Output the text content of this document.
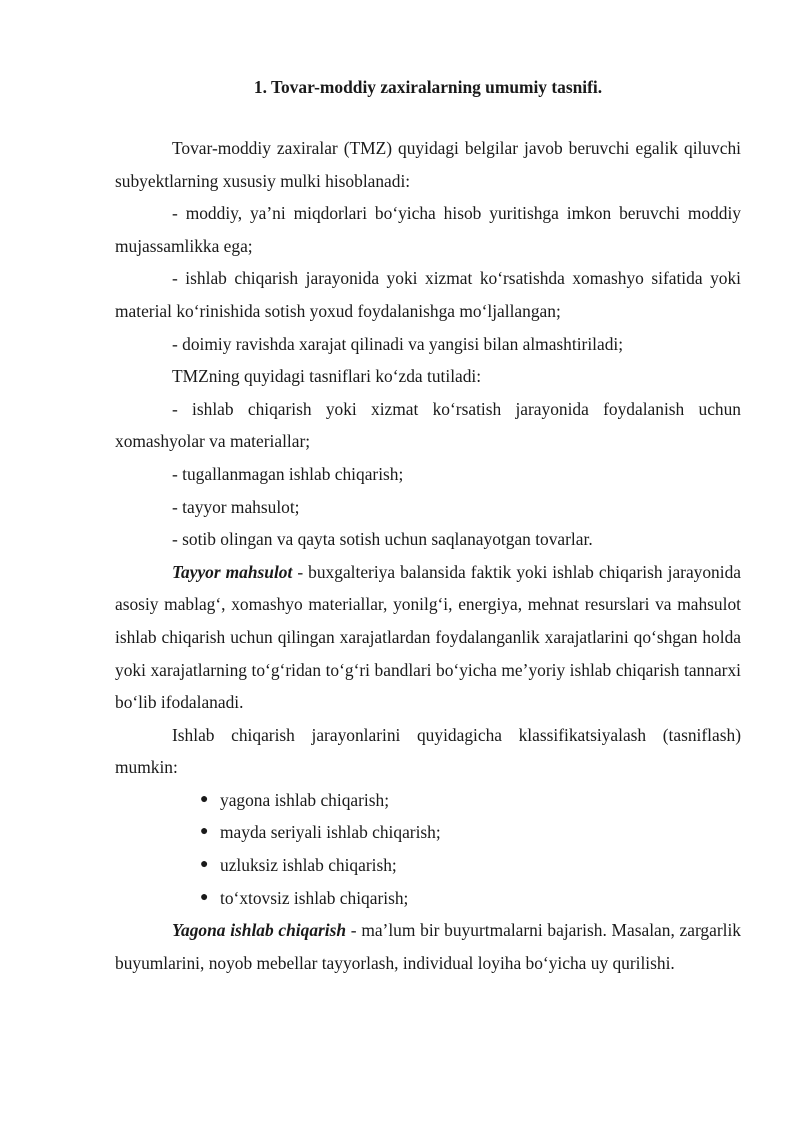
1. Tovar-moddiy zaxiralarning umumiy tasnifi.

Tovar-moddiy zaxiralar (TMZ) quyidagi belgilar javob beruvchi egalik qiluvchi subyektlarning xususiy mulki hisoblanadi:

- moddiy, ya’ni miqdorlari bo‘yicha hisob yuritishga imkon beruvchi moddiy mujassamlikka ega;

- ishlab chiqarish jarayonida yoki xizmat ko‘rsatishda xomashyo sifatida yoki material ko‘rinishida sotish yoxud foydalanishga mo‘ljallangan;

- doimiy ravishda xarajat qilinadi va yangisi bilan almashtiriladi;

TMZning quyidagi tasniflari ko‘zda tutiladi:

- ishlab chiqarish yoki xizmat ko‘rsatish jarayonida foydalanish uchun xomashyolar va materiallar;

- tugallanmagan ishlab chiqarish;

- tayyor mahsulot;

- sotib olingan va qayta sotish uchun saqlanayotgan tovarlar.

Tayyor mahsulot - buxgalteriya balansida faktik yoki ishlab chiqarish jarayonida asosiy mablag‘, xomashyo materiallar, yonilg‘i, energiya, mehnat resurslari va mahsulot ishlab chiqarish uchun qilingan xarajatlardan foydalanganlik xarajatlarini qo‘shgan holda yoki xarajatlarning to‘g‘ridan to‘g‘ri bandlari bo‘yicha me’yoriy ishlab chiqarish tannarxi bo‘lib ifodalanadi.

Ishlab chiqarish jarayonlarini quyidagicha klassifikatsiyalash (tasniflash) mumkin:

● yagona ishlab chiqarish;
● mayda seriyali ishlab chiqarish;
● uzluksiz ishlab chiqarish;
● to‘xtovsiz ishlab chiqarish;

Yagona ishlab chiqarish - ma’lum bir buyurtmalarni bajarish. Masalan, zargarlik buyumlarini, noyob mebellar tayyorlash, individual loyiha bo‘yicha uy qurilishi.
